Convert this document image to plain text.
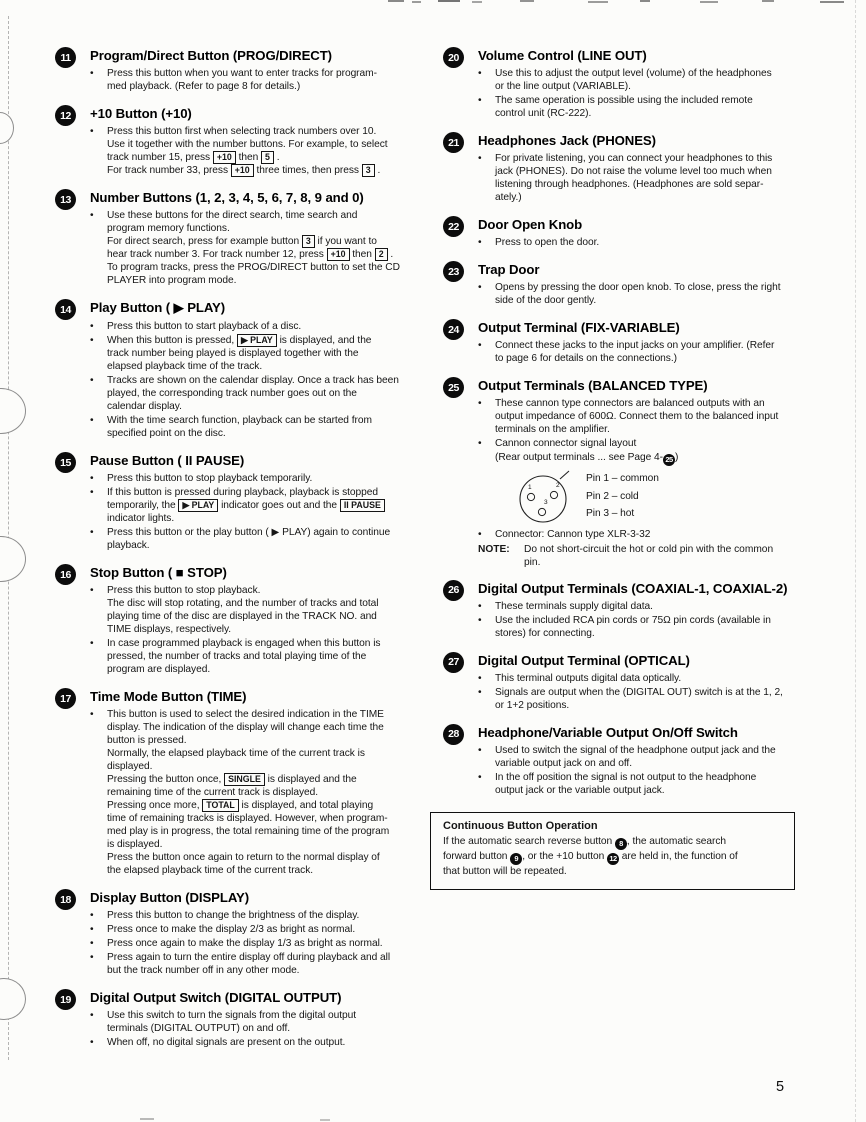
11	Program/Direct Button (PROG/DIRECT)
•	Press this button when you want to enter tracks for program-
med playback. (Refer to page 8 for details.)
12	+10 Button (+10)
•	Press this button first when selecting track numbers over 10.
Use it together with the number buttons. For example, to select
track number 15, press +10 then 5 .
For track number 33, press +10 three times, then press 3 .
13	Number Buttons (1, 2, 3, 4, 5, 6, 7, 8, 9 and 0)
•	Use these buttons for the direct search, time search and
program memory functions.
For direct search, press for example button 3 if you want to
hear track number 3. For track number 12, press +10 then 2 .
To program tracks, press the PROG/DIRECT button to set the CD
PLAYER into program mode.
14	Play Button ( ▶ PLAY)
•	Press this button to start playback of a disc.
•	When this button is pressed, ▶ PLAY is displayed, and the
track number being played is displayed together with the
elapsed playback time of the track.
•	Tracks are shown on the calendar display. Once a track has been
played, the corresponding track number goes out on the
calendar display.
•	With the time search function, playback can be started from
specified point on the disc.
15	Pause Button ( II PAUSE)
•	Press this button to stop playback temporarily.
•	If this button is pressed during playback, playback is stopped
temporarily, the ▶ PLAY indicator goes out and the II PAUSE
indicator lights.
•	Press this button or the play button ( ▶ PLAY) again to continue
playback.
16	Stop Button ( ■ STOP)
•	Press this button to stop playback.
The disc will stop rotating, and the number of tracks and total
playing time of the disc are displayed in the TRACK NO. and
TIME displays, respectively.
•	In case programmed playback is engaged when this button is
pressed, the number of tracks and total playing time of the
program are displayed.
17	Time Mode Button (TIME)
•	This button is used to select the desired indication in the TIME
display. The indication of the display will change each time the
button is pressed.
Normally, the elapsed playback time of the current track is
displayed.
Pressing the button once, SINGLE is displayed and the
remaining time of the current track is displayed.
Pressing once more, TOTAL is displayed, and total playing
time of remaining tracks is displayed. However, when program-
med play is in progress, the total remaining time of the program
is displayed.
Press the button once again to return to the normal display of
the elapsed playback time of the current track.
18	Display Button (DISPLAY)
•	Press this button to change the brightness of the display.
•	Press once to make the display 2/3 as bright as normal.
•	Press once again to make the display 1/3 as bright as normal.
•	Press again to turn the entire display off during playback and all
but the track number off in any other mode.
19	Digital Output Switch (DIGITAL OUTPUT)
•	Use this switch to turn the signals from the digital output
terminals (DIGITAL OUTPUT) on and off.
•	When off, no digital signals are present on the output.
20	Volume Control (LINE OUT)
•	Use this to adjust the output level (volume) of the headphones
or the line output (VARIABLE).
•	The same operation is possible using the included remote
control unit (RC-222).
21	Headphones Jack (PHONES)
•	For private listening, you can connect your headphones to this
jack (PHONES). Do not raise the volume level too much when
listening through headphones. (Headphones are sold separ-
ately.)
22	Door Open Knob
•	Press to open the door.
23	Trap Door
•	Opens by pressing the door open knob. To close, press the right
side of the door gently.
24	Output Terminal (FIX-VARIABLE)
•	Connect these jacks to the input jacks on your amplifier. (Refer
to page 6 for details on the connections.)
25	Output Terminals (BALANCED TYPE)
•	These cannon type connectors are balanced outputs with an
output impedance of 600Ω. Connect them to the balanced input
terminals on the amplifier.
•	Cannon connector signal layout
(Rear output terminals ... see Page 4- 25 )
1	2
3
Pin 1 – common
Pin 2 – cold
Pin 3 – hot
•	Connector: Cannon type XLR-3-32
NOTE:	Do not short-circuit the hot or cold pin with the common
pin.
26	Digital Output Terminals (COAXIAL-1, COAXIAL-2)
•	These terminals supply digital data.
•	Use the included RCA pin cords or 75Ω pin cords (available in
stores) for connecting.
27	Digital Output Terminal (OPTICAL)
•	This terminal outputs digital data optically.
•	Signals are output when the (DIGITAL OUT) switch is at the 1, 2,
or 1+2 positions.
28	Headphone/Variable Output On/Off Switch
•	Used to switch the signal of the headphone output jack and the
variable output jack on and off.
•	In the off position the signal is not output to the headphone
output jack or the variable output jack.
Continuous Button Operation
If the automatic search reverse button 8 , the automatic search
forward button 9 , or the +10 button 12 are held in, the function of
that button will be repeated.
5
